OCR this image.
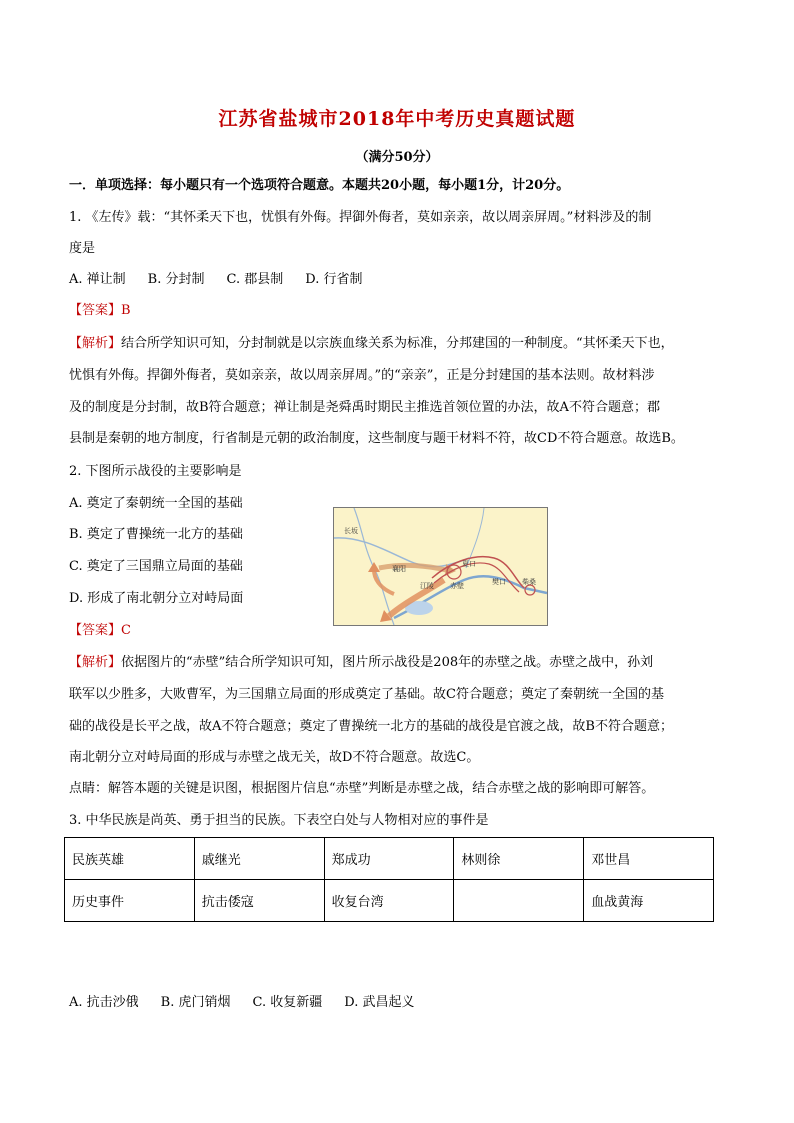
江苏省盐城市2018年中考历史真题试题
（满分50分）
一．单项选择：每小题只有一个选项符合题意。本题共20小题，每小题1分，计20分。
1. 《左传》载：“其怀柔天下也，忧惧有外侮。捍御外侮者，莫如亲亲，故以周亲屏周。”材料涉及的制
度是
A. 禅让制 B. 分封制 C. 郡县制 D. 行省制
【答案】B
【解析】结合所学知识可知，分封制就是以宗族血缘关系为标准，分邦建国的一种制度。“其怀柔天下也，
忧惧有外侮。捍御外侮者，莫如亲亲，故以周亲屏周。”的“亲亲”，正是分封建国的基本法则。故材料涉
及的制度是分封制，故B符合题意；禅让制是尧舜禹时期民主推选首领位置的办法，故A不符合题意；郡
县制是秦朝的地方制度，行省制是元朝的政治制度，这些制度与题干材料不符，故CD不符合题意。故选B。
2. 下图所示战役的主要影响是
A. 奠定了秦朝统一全国的基础
B. 奠定了曹操统一北方的基础
C. 奠定了三国鼎立局面的基础
D. 形成了南北朝分立对峙局面
长坂
襄阳
江陵 赤壁
夏口
樊口 柴桑
【答案】C
【解析】依据图片的“赤壁”结合所学知识可知，图片所示战役是208年的赤壁之战。赤壁之战中，孙刘
联军以少胜多，大败曹军，为三国鼎立局面的形成奠定了基础。故C符合题意；奠定了秦朝统一全国的基
础的战役是长平之战，故A不符合题意；奠定了曹操统一北方的基础的战役是官渡之战，故B不符合题意；
南北朝分立对峙局面的形成与赤壁之战无关，故D不符合题意。故选C。
点睛：解答本题的关键是识图，根据图片信息“赤壁”判断是赤壁之战，结合赤壁之战的影响即可解答。
3. 中华民族是尚英、勇于担当的民族。下表空白处与人物相对应的事件是
民族英雄	戚继光	郑成功	林则徐	邓世昌
历史事件	抗击倭寇	收复台湾		血战黄海
A. 抗击沙俄 B. 虎门销烟 C. 收复新疆 D. 武昌起义
